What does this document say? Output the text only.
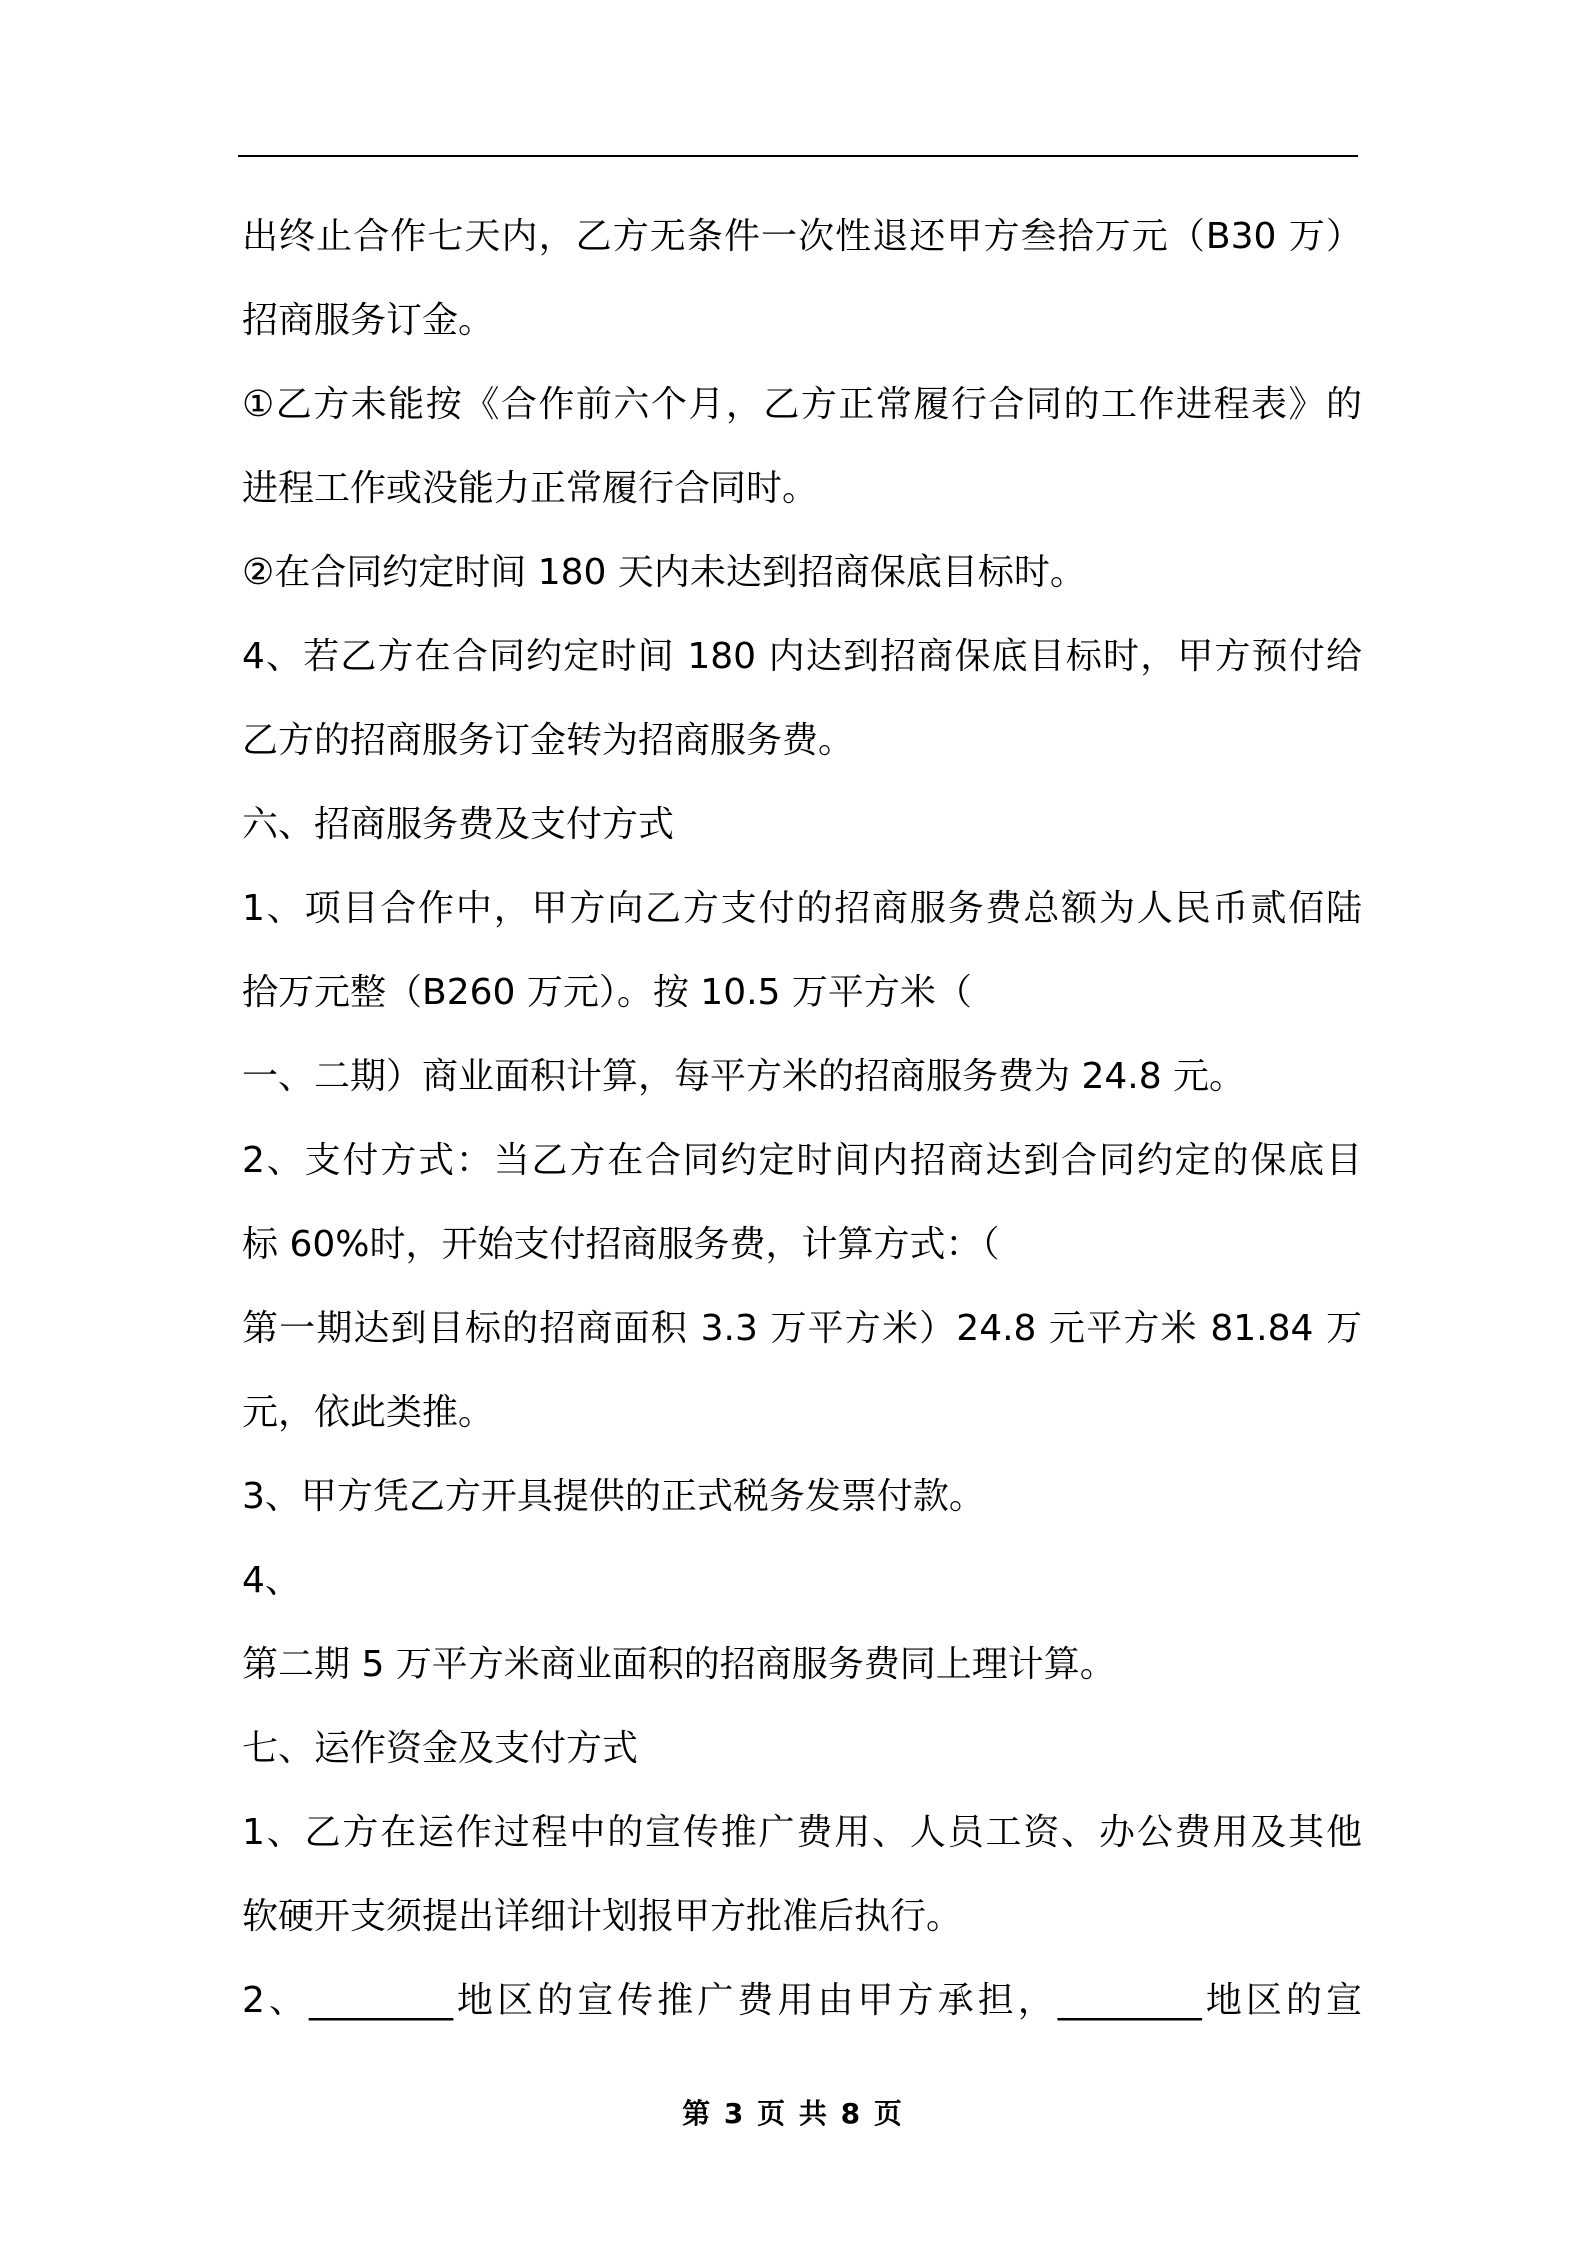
出终止合作七天内，乙方无条件一次性退还甲方叁拾万元（B30 万）
招商服务订金。
①乙方未能按《合作前六个月，乙方正常履行合同的工作进程表》的
进程工作或没能力正常履行合同时。
②在合同约定时间 180 天内未达到招商保底目标时。
4、若乙方在合同约定时间 180 内达到招商保底目标时，甲方预付给
乙方的招商服务订金转为招商服务费。
六、招商服务费及支付方式
1、项目合作中，甲方向乙方支付的招商服务费总额为人民币贰佰陆
拾万元整（B260 万元）。按 10.5 万平方米（
一、二期）商业面积计算，每平方米的招商服务费为 24.8 元。
2、支付方式：当乙方在合同约定时间内招商达到合同约定的保底目
标 60%时，开始支付招商服务费，计算方式：（
第一期达到目标的招商面积 3.3 万平方米）24.8 元平方米 81.84 万
元，依此类推。
3、甲方凭乙方开具提供的正式税务发票付款。
4、
第二期 5 万平方米商业面积的招商服务费同上理计算。
七、运作资金及支付方式
1、乙方在运作过程中的宣传推广费用、人员工资、办公费用及其他
软硬开支须提出详细计划报甲方批准后执行。
2、________地区的宣传推广费用由甲方承担，________地区的宣
第 3 页 共 8 页
